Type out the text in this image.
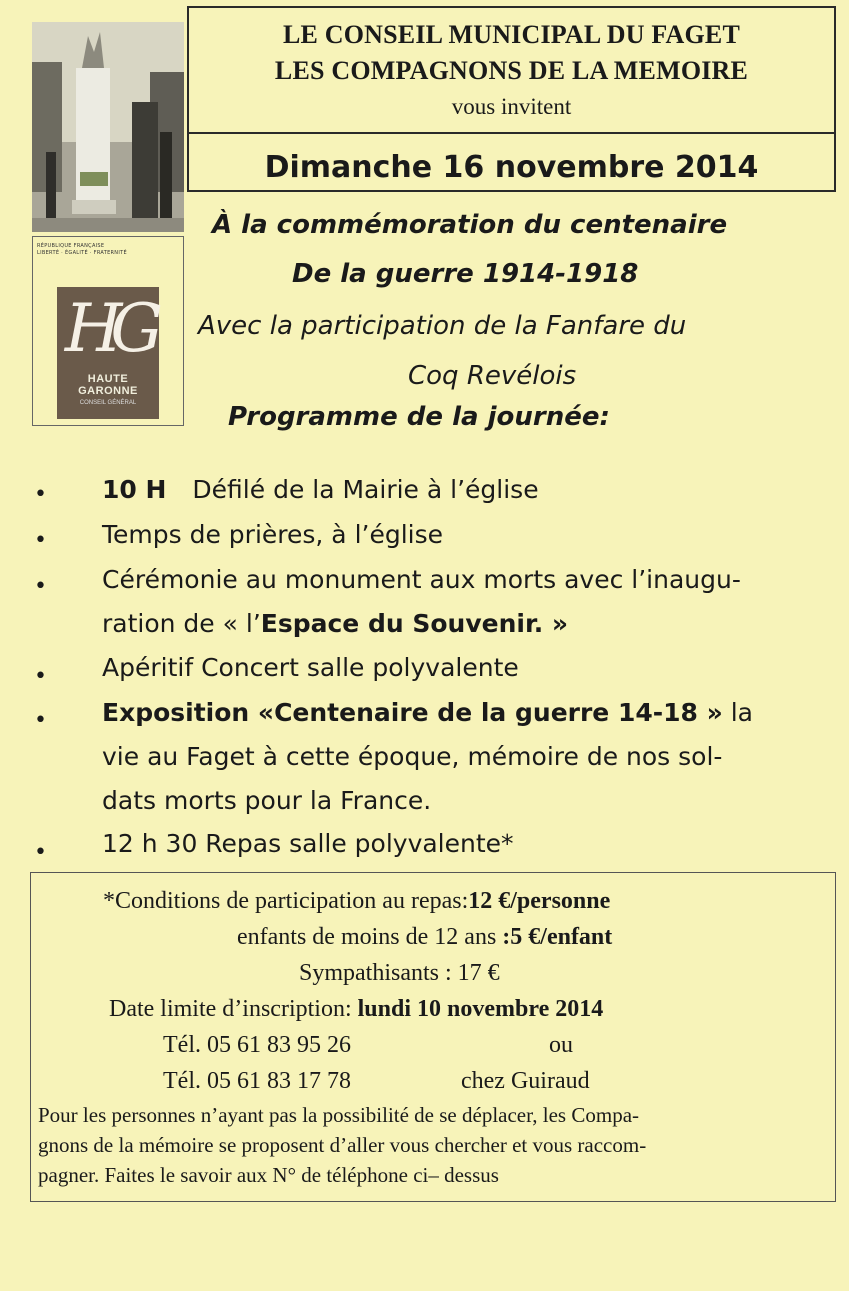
RÉPUBLIQUE FRANÇAISE
LIBERTÉ · ÉGALITÉ · FRATERNITÉ
HG
HAUTE
GARONNE
CONSEIL GÉNÉRAL
LE CONSEIL MUNICIPAL DU FAGET
LES COMPAGNONS DE LA MEMOIRE
vous invitent
Dimanche 16 novembre 2014
À la commémoration du centenaire
De la guerre 1914-1918
Avec la participation de la Fanfare du
Coq Revélois
Programme de la journée:
• 10 H Défilé de la Mairie à l’église
• Temps de prières, à l’église
• Cérémonie au monument aux morts avec l’inaugu-
ration de « l’Espace du Souvenir. »
• Apéritif Concert salle polyvalente
• Exposition «Centenaire de la guerre 14-18 » la
vie au Faget à cette époque, mémoire de nos sol-
dats morts pour la France.
• 12 h 30 Repas salle polyvalente*
*Conditions de participation au repas:12 €/personne
enfants de moins de 12 ans :5 €/enfant
Sympathisants : 17 €
Date limite d’inscription: lundi 10 novembre 2014
Tél. 05 61 83 95 26	ou
Tél. 05 61 83 17 78	chez Guiraud
Pour les personnes n’ayant pas la possibilité de se déplacer, les Compa-
gnons de la mémoire se proposent d’aller vous chercher et vous raccom-
pagner. Faites le savoir aux N° de téléphone ci– dessus
